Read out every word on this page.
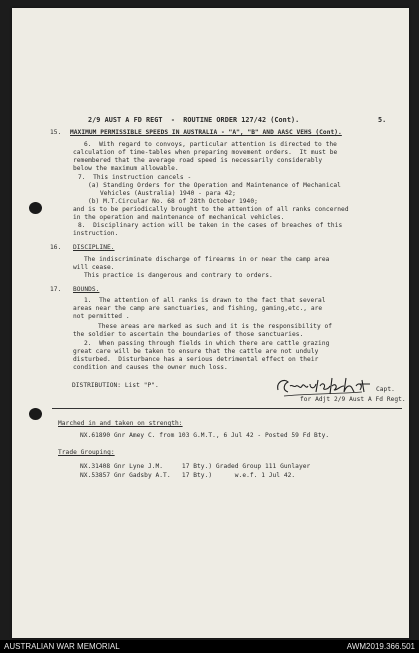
2/9 AUST A FD REGT  -  ROUTINE ORDER 127/42 (Cont).	5.
15. MAXIMUM PERMISSIBLE SPEEDS IN AUSTRALIA - "A", "B" AND AASC VEHS (Cont).
6.  With regard to convoys, particular attention is directed to the
calculation of time-tables when preparing movement orders.  It must be
remembered that the average road speed is necessarily considerably
below the maximum allowable.
7.  This instruction cancels -
(a) Standing Orders for the Operation and Maintenance of Mechanical
Vehicles (Australia) 1940 - para 42;
(b) M.T.Circular No. 68 of 28th October 1940;
and is to be periodically brought to the attention of all ranks concerned
in the operation and maintenance of mechanical vehicles.
8.  Disciplinary action will be taken in the cases of breaches of this
instruction.
16. DISCIPLINE.
The indiscriminate discharge of firearms in or near the camp area
will cease.
This practice is dangerous and contrary to orders.
17. BOUNDS.
1.  The attention of all ranks is drawn to the fact that several
areas near the camp are sanctuaries, and fishing, gaming,etc., are
not permitted .
These areas are marked as such and it is the responsibility of
the soldier to ascertain the boundaries of those sanctuaries.
2.  When passing through fields in which there are cattle grazing
great care will be taken to ensure that the cattle are not unduly
disturbed.  Disturbance has a serious detrimental effect on their
condition and causes the owner much loss.
DISTRIBUTION: List "P".
Capt.
for Adjt 2/9 Aust A Fd Regt.
Marched in and taken on strength:
NX.61890 Gnr Amey C. from 103 G.M.T., 6 Jul 42 - Posted 59 Fd Bty.
Trade Grouping:
NX.31408 Gnr Lyne J.M.     17 Bty.) Graded Group 111 Gunlayer
NX.53857 Gnr Gadsby A.T.   17 Bty.)      w.e.f. 1 Jul 42.
AUSTRALIAN WAR MEMORIAL	AWM2019.366.501
